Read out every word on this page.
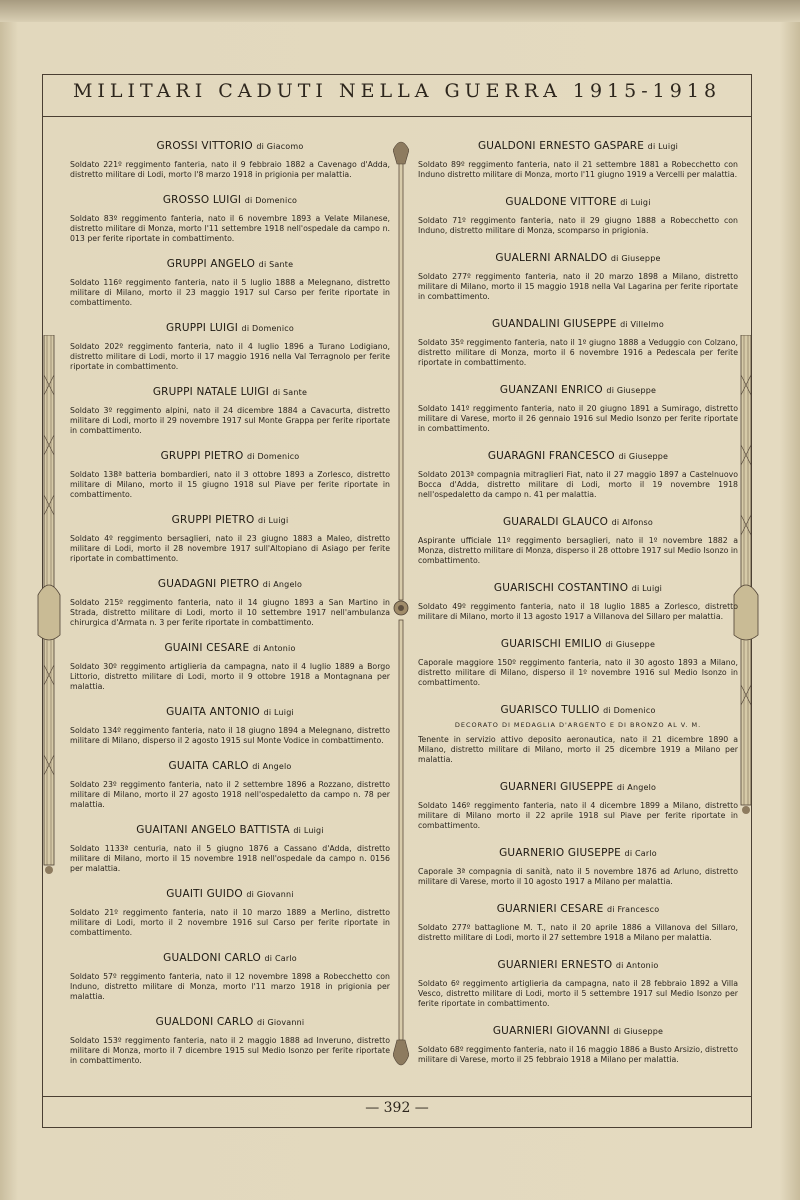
MILITARI CADUTI NELLA GUERRA 1915-1918
— 392 —
GROSSI VITTORIO di Giacomo
Soldato 221º reggimento fanteria, nato il 9 febbraio 1882 a Cavenago d'Adda, distretto militare di Lodi, morto l'8 marzo 1918 in prigionia per malattia.
GROSSO LUIGI di Domenico
Soldato 83º reggimento fanteria, nato il 6 novembre 1893 a Velate Milanese, distretto militare di Monza, morto l'11 settembre 1918 nell'ospedale da campo n. 013 per ferite riportate in combattimento.
GRUPPI ANGELO di Sante
Soldato 116º reggimento fanteria, nato il 5 luglio 1888 a Melegnano, distretto militare di Milano, morto il 23 maggio 1917 sul Carso per ferite riportate in combattimento.
GRUPPI LUIGI di Domenico
Soldato 202º reggimento fanteria, nato il 4 luglio 1896 a Turano Lodigiano, distretto militare di Lodi, morto il 17 maggio 1916 nella Val Terragnolo per ferite riportate in combattimento.
GRUPPI NATALE LUIGI di Sante
Soldato 3º reggimento alpini, nato il 24 dicembre 1884 a Cavacurta, distretto militare di Lodi, morto il 29 novembre 1917 sul Monte Grappa per ferite riportate in combattimento.
GRUPPI PIETRO di Domenico
Soldato 138ª batteria bombardieri, nato il 3 ottobre 1893 a Zorlesco, distretto militare di Milano, morto il 15 giugno 1918 sul Piave per ferite riportate in combattimento.
GRUPPI PIETRO di Luigi
Soldato 4º reggimento bersaglieri, nato il 23 giugno 1883 a Maleo, distretto militare di Lodi, morto il 28 novembre 1917 sull'Altopiano di Asiago per ferite riportate in combattimento.
GUADAGNI PIETRO di Angelo
Soldato 215º reggimento fanteria, nato il 14 giugno 1893 a San Martino in Strada, distretto militare di Lodi, morto il 10 settembre 1917 nell'ambulanza chirurgica d'Armata n. 3 per ferite riportate in combattimento.
GUAINI CESARE di Antonio
Soldato 30º reggimento artiglieria da campagna, nato il 4 luglio 1889 a Borgo Littorio, distretto militare di Lodi, morto il 9 ottobre 1918 a Montagnana per malattia.
GUAITA ANTONIO di Luigi
Soldato 134º reggimento fanteria, nato il 18 giugno 1894 a Melegnano, distretto militare di Milano, disperso il 2 agosto 1915 sul Monte Vodice in combattimento.
GUAITA CARLO di Angelo
Soldato 23º reggimento fanteria, nato il 2 settembre 1896 a Rozzano, distretto militare di Milano, morto il 27 agosto 1918 nell'ospedaletto da campo n. 78 per malattia.
GUAITANI ANGELO BATTISTA di Luigi
Soldato 1133ª centuria, nato il 5 giugno 1876 a Cassano d'Adda, distretto militare di Milano, morto il 15 novembre 1918 nell'ospedale da campo n. 0156 per malattia.
GUAITI GUIDO di Giovanni
Soldato 21º reggimento fanteria, nato il 10 marzo 1889 a Merlino, distretto militare di Lodi, morto il 2 novembre 1916 sul Carso per ferite riportate in combattimento.
GUALDONI CARLO di Carlo
Soldato 57º reggimento fanteria, nato il 12 novembre 1898 a Robecchetto con Induno, distretto militare di Monza, morto l'11 marzo 1918 in prigionia per malattia.
GUALDONI CARLO di Giovanni
Soldato 153º reggimento fanteria, nato il 2 maggio 1888 ad Inveruno, distretto militare di Monza, morto il 7 dicembre 1915 sul Medio Isonzo per ferite riportate in combattimento.
GUALDONI ERNESTO GASPARE di Luigi
Soldato 89º reggimento fanteria, nato il 21 settembre 1881 a Robecchetto con Induno distretto militare di Monza, morto l'11 giugno 1919 a Vercelli per malattia.
GUALDONE VITTORE di Luigi
Soldato 71º reggimento fanteria, nato il 29 giugno 1888 a Robecchetto con Induno, distretto militare di Monza, scomparso in prigionia.
GUALERNI ARNALDO di Giuseppe
Soldato 277º reggimento fanteria, nato il 20 marzo 1898 a Milano, distretto militare di Milano, morto il 15 maggio 1918 nella Val Lagarina per ferite riportate in combattimento.
GUANDALINI GIUSEPPE di Villelmo
Soldato 35º reggimento fanteria, nato il 1º giugno 1888 a Veduggio con Colzano, distretto militare di Monza, morto il 6 novembre 1916 a Pedescala per ferite riportate in combattimento.
GUANZANI ENRICO di Giuseppe
Soldato 141º reggimento fanteria, nato il 20 giugno 1891 a Sumirago, distretto militare di Varese, morto il 26 gennaio 1916 sul Medio Isonzo per ferite riportate in combattimento.
GUARAGNI FRANCESCO di Giuseppe
Soldato 2013ª compagnia mitraglieri Fiat, nato il 27 maggio 1897 a Castelnuovo Bocca d'Adda, distretto militare di Lodi, morto il 19 novembre 1918 nell'ospedaletto da campo n. 41 per malattia.
GUARALDI GLAUCO di Alfonso
Aspirante ufficiale 11º reggimento bersaglieri, nato il 1º novembre 1882 a Monza, distretto militare di Monza, disperso il 28 ottobre 1917 sul Medio Isonzo in combattimento.
GUARISCHI COSTANTINO di Luigi
Soldato 49º reggimento fanteria, nato il 18 luglio 1885 a Zorlesco, distretto militare di Milano, morto il 13 agosto 1917 a Villanova del Sillaro per malattia.
GUARISCHI EMILIO di Giuseppe
Caporale maggiore 150º reggimento fanteria, nato il 30 agosto 1893 a Milano, distretto militare di Milano, disperso il 1º novembre 1916 sul Medio Isonzo in combattimento.
GUARISCO TULLIO di Domenico
DECORATO DI MEDAGLIA D'ARGENTO E DI BRONZO AL V. M.
Tenente in servizio attivo deposito aeronautica, nato il 21 dicembre 1890 a Milano, distretto militare di Milano, morto il 25 dicembre 1919 a Milano per malattia.
GUARNERI GIUSEPPE di Angelo
Soldato 146º reggimento fanteria, nato il 4 dicembre 1899 a Milano, distretto militare di Milano morto il 22 aprile 1918 sul Piave per ferite riportate in combattimento.
GUARNERIO GIUSEPPE di Carlo
Caporale 3ª compagnia di sanità, nato il 5 novembre 1876 ad Arluno, distretto militare di Varese, morto il 10 agosto 1917 a Milano per malattia.
GUARNIERI CESARE di Francesco
Soldato 277º battaglione M. T., nato il 20 aprile 1886 a Villanova del Sillaro, distretto militare di Lodi, morto il 27 settembre 1918 a Milano per malattia.
GUARNIERI ERNESTO di Antonio
Soldato 6º reggimento artiglieria da campagna, nato il 28 febbraio 1892 a Villa Vesco, distretto militare di Lodi, morto il 5 settembre 1917 sul Medio Isonzo per ferite riportate in combattimento.
GUARNIERI GIOVANNI di Giuseppe
Soldato 68º reggimento fanteria, nato il 16 maggio 1886 a Busto Arsizio, distretto militare di Varese, morto il 25 febbraio 1918 a Milano per malattia.
